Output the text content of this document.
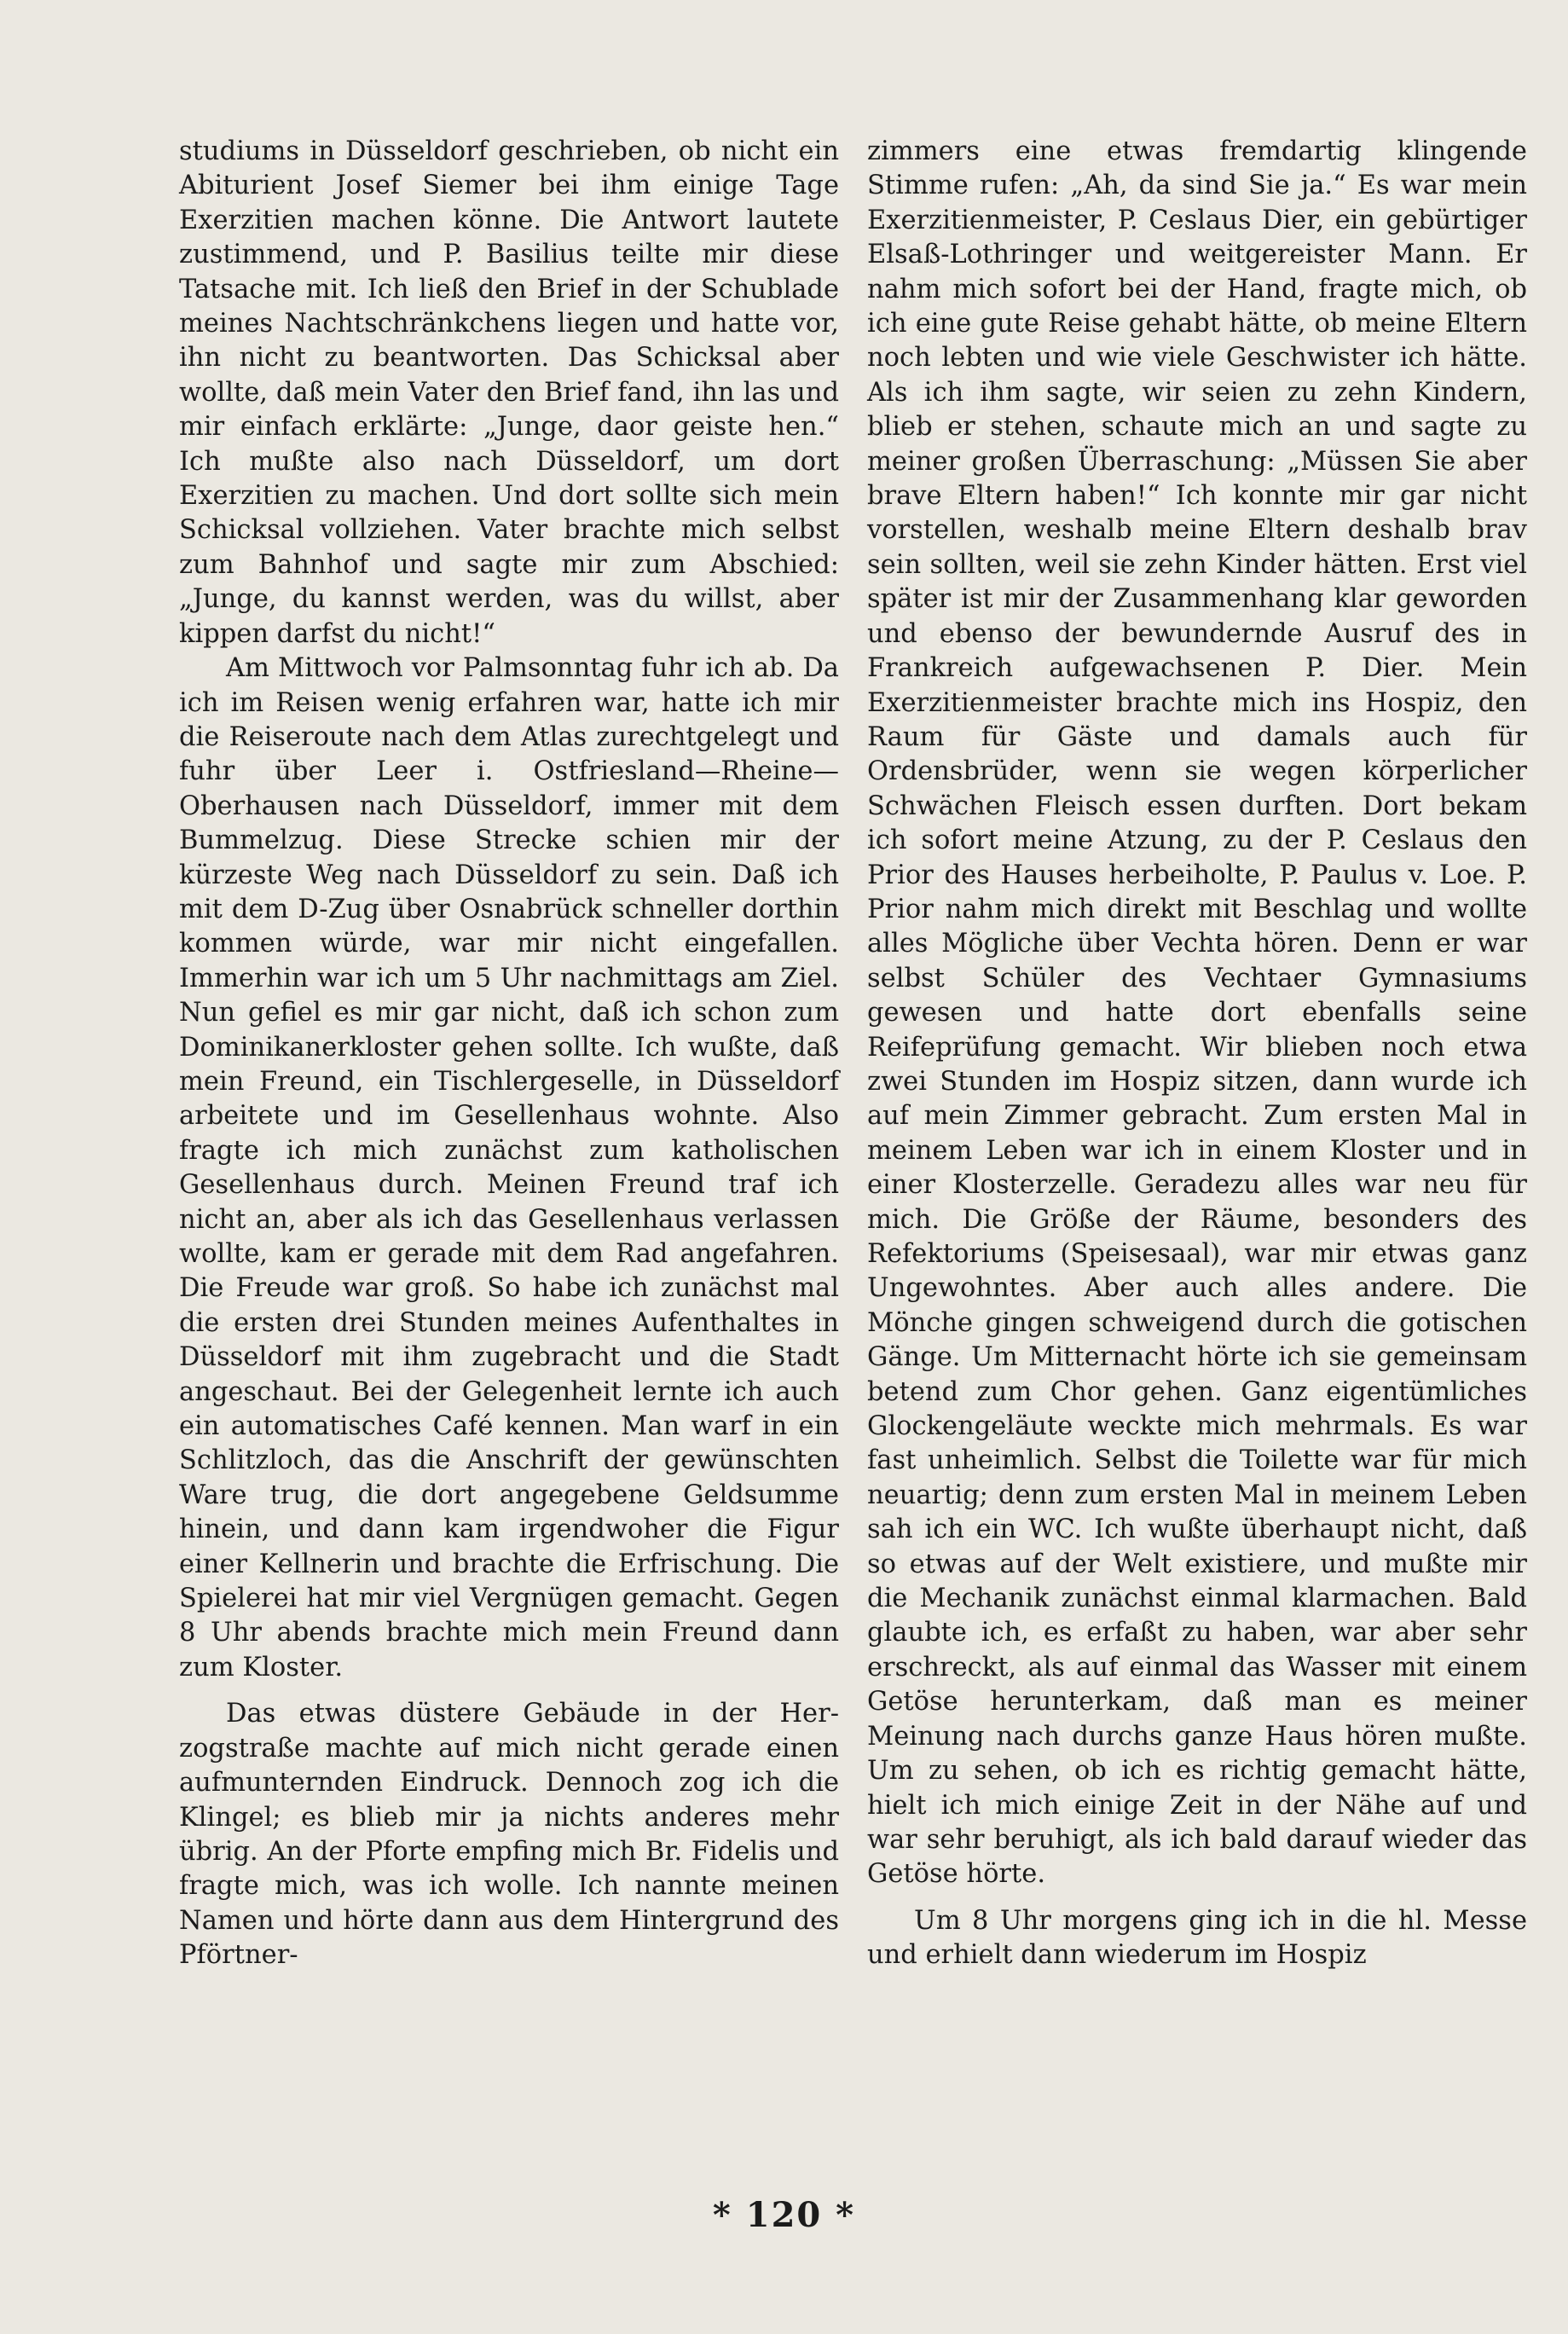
studiums in Düsseldorf geschrieben, ob nicht ein Abiturient Josef Siemer bei ihm einige Tage Exerzitien machen könne. Die Antwort lautete zustimmend, und P. Basilius teilte mir diese Tatsache mit. Ich ließ den Brief in der Schublade meines Nachtschränkchens liegen und hatte vor, ihn nicht zu beantworten. Das Schicksal aber wollte, daß mein Vater den Brief fand, ihn las und mir einfach erklärte: „Junge, daor geiste hen.“ Ich mußte also nach Düsseldorf, um dort Exerzitien zu machen. Und dort sollte sich mein Schicksal vollziehen. Vater brachte mich selbst zum Bahnhof und sagte mir zum Abschied: „Junge, du kannst werden, was du willst, aber kippen darfst du nicht!“

Am Mittwoch vor Palmsonntag fuhr ich ab. Da ich im Reisen wenig erfahren war, hatte ich mir die Reiseroute nach dem Atlas zurechtgelegt und fuhr über Leer i. Ostfriesland—Rheine—Oberhausen nach Düsseldorf, immer mit dem Bummelzug. Diese Strecke schien mir der kürzeste Weg nach Düsseldorf zu sein. Daß ich mit dem D-Zug über Osnabrück schneller dorthin kommen würde, war mir nicht eingefallen. Immerhin war ich um 5 Uhr nachmittags am Ziel. Nun gefiel es mir gar nicht, daß ich schon zum Dominikanerkloster gehen sollte. Ich wußte, daß mein Freund, ein Tischlergeselle, in Düsseldorf arbeitete und im Gesellenhaus wohnte. Also fragte ich mich zunächst zum katholischen Gesellenhaus durch. Meinen Freund traf ich nicht an, aber als ich das Gesellenhaus verlassen wollte, kam er gerade mit dem Rad angefahren. Die Freude war groß. So habe ich zunächst mal die ersten drei Stunden meines Aufenthaltes in Düsseldorf mit ihm zugebracht und die Stadt angeschaut. Bei der Gelegenheit lernte ich auch ein automatisches Café kennen. Man warf in ein Schlitzloch, das die Anschrift der gewünschten Ware trug, die dort angegebene Geldsumme hinein, und dann kam irgendwoher die Figur einer Kellnerin und brachte die Erfrischung. Die Spielerei hat mir viel Vergnügen gemacht. Gegen 8 Uhr abends brachte mich mein Freund dann zum Kloster.

Das etwas düstere Gebäude in der Herzogstraße machte auf mich nicht gerade einen aufmunternden Eindruck. Dennoch zog ich die Klingel; es blieb mir ja nichts anderes mehr übrig. An der Pforte empfing mich Br. Fidelis und fragte mich, was ich wolle. Ich nannte meinen Namen und hörte dann aus dem Hintergrund des Pförtner-

zimmers eine etwas fremdartig klingende Stimme rufen: „Ah, da sind Sie ja.“ Es war mein Exerzitienmeister, P. Ceslaus Dier, ein gebürtiger Elsaß-Lothringer und weitgereister Mann. Er nahm mich sofort bei der Hand, fragte mich, ob ich eine gute Reise gehabt hätte, ob meine Eltern noch lebten und wie viele Geschwister ich hätte. Als ich ihm sagte, wir seien zu zehn Kindern, blieb er stehen, schaute mich an und sagte zu meiner großen Überraschung: „Müssen Sie aber brave Eltern haben!“ Ich konnte mir gar nicht vorstellen, weshalb meine Eltern deshalb brav sein sollten, weil sie zehn Kinder hätten. Erst viel später ist mir der Zusammenhang klar geworden und ebenso der bewundernde Ausruf des in Frankreich aufgewachsenen P. Dier. Mein Exerzitienmeister brachte mich ins Hospiz, den Raum für Gäste und damals auch für Ordensbrüder, wenn sie wegen körperlicher Schwächen Fleisch essen durften. Dort bekam ich sofort meine Atzung, zu der P. Ceslaus den Prior des Hauses herbeiholte, P. Paulus v. Loe. P. Prior nahm mich direkt mit Beschlag und wollte alles Mögliche über Vechta hören. Denn er war selbst Schüler des Vechtaer Gymnasiums gewesen und hatte dort ebenfalls seine Reifeprüfung gemacht. Wir blieben noch etwa zwei Stunden im Hospiz sitzen, dann wurde ich auf mein Zimmer gebracht. Zum ersten Mal in meinem Leben war ich in einem Kloster und in einer Klosterzelle. Geradezu alles war neu für mich. Die Größe der Räume, besonders des Refektoriums (Speisesaal), war mir etwas ganz Ungewohntes. Aber auch alles andere. Die Mönche gingen schweigend durch die gotischen Gänge. Um Mitternacht hörte ich sie gemeinsam betend zum Chor gehen. Ganz eigentümliches Glockengeläute weckte mich mehrmals. Es war fast unheimlich. Selbst die Toilette war für mich neuartig; denn zum ersten Mal in meinem Leben sah ich ein WC. Ich wußte überhaupt nicht, daß so etwas auf der Welt existiere, und mußte mir die Mechanik zunächst einmal klarmachen. Bald glaubte ich, es erfaßt zu haben, war aber sehr erschreckt, als auf einmal das Wasser mit einem Getöse herunterkam, daß man es meiner Meinung nach durchs ganze Haus hören mußte. Um zu sehen, ob ich es richtig gemacht hätte, hielt ich mich einige Zeit in der Nähe auf und war sehr beruhigt, als ich bald darauf wieder das Getöse hörte.

Um 8 Uhr morgens ging ich in die hl. Messe und erhielt dann wiederum im Hospiz

* 120 *
